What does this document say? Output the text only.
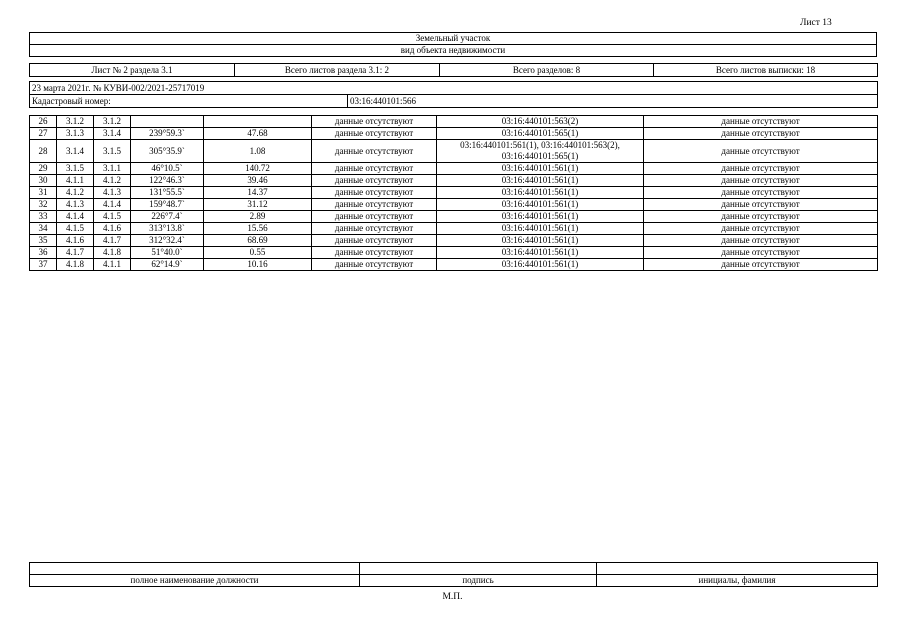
Лист 13
Земельный участок
вид объекта недвижимости
Лист № 2 раздела 3.1	Всего листов раздела 3.1: 2	Всего разделов: 8	Всего листов выписки: 18
23 марта 2021г. № КУВИ-002/2021-25717019
Кадастровый номер:	03:16:440101:566
26	3.1.2	3.1.2			данные отсутствуют	03:16:440101:563(2)	данные отсутствуют
27	3.1.3	3.1.4	239°59.3`	47.68	данные отсутствуют	03:16:440101:565(1)	данные отсутствуют
28	3.1.4	3.1.5	305°35.9`	1.08	данные отсутствуют	03:16:440101:561(1), 03:16:440101:563(2), 03:16:440101:565(1)	данные отсутствуют
29	3.1.5	3.1.1	46°10.5`	140.72	данные отсутствуют	03:16:440101:561(1)	данные отсутствуют
30	4.1.1	4.1.2	122°46.3`	39.46	данные отсутствуют	03:16:440101:561(1)	данные отсутствуют
31	4.1.2	4.1.3	131°55.5`	14.37	данные отсутствуют	03:16:440101:561(1)	данные отсутствуют
32	4.1.3	4.1.4	159°48.7`	31.12	данные отсутствуют	03:16:440101:561(1)	данные отсутствуют
33	4.1.4	4.1.5	226°7.4`	2.89	данные отсутствуют	03:16:440101:561(1)	данные отсутствуют
34	4.1.5	4.1.6	313°13.8`	15.56	данные отсутствуют	03:16:440101:561(1)	данные отсутствуют
35	4.1.6	4.1.7	312°32.4`	68.69	данные отсутствуют	03:16:440101:561(1)	данные отсутствуют
36	4.1.7	4.1.8	51°40.0`	0.55	данные отсутствуют	03:16:440101:561(1)	данные отсутствуют
37	4.1.8	4.1.1	62°14.9`	10.16	данные отсутствуют	03:16:440101:561(1)	данные отсутствуют

полное наименование должности	подпись	инициалы, фамилия
М.П.
